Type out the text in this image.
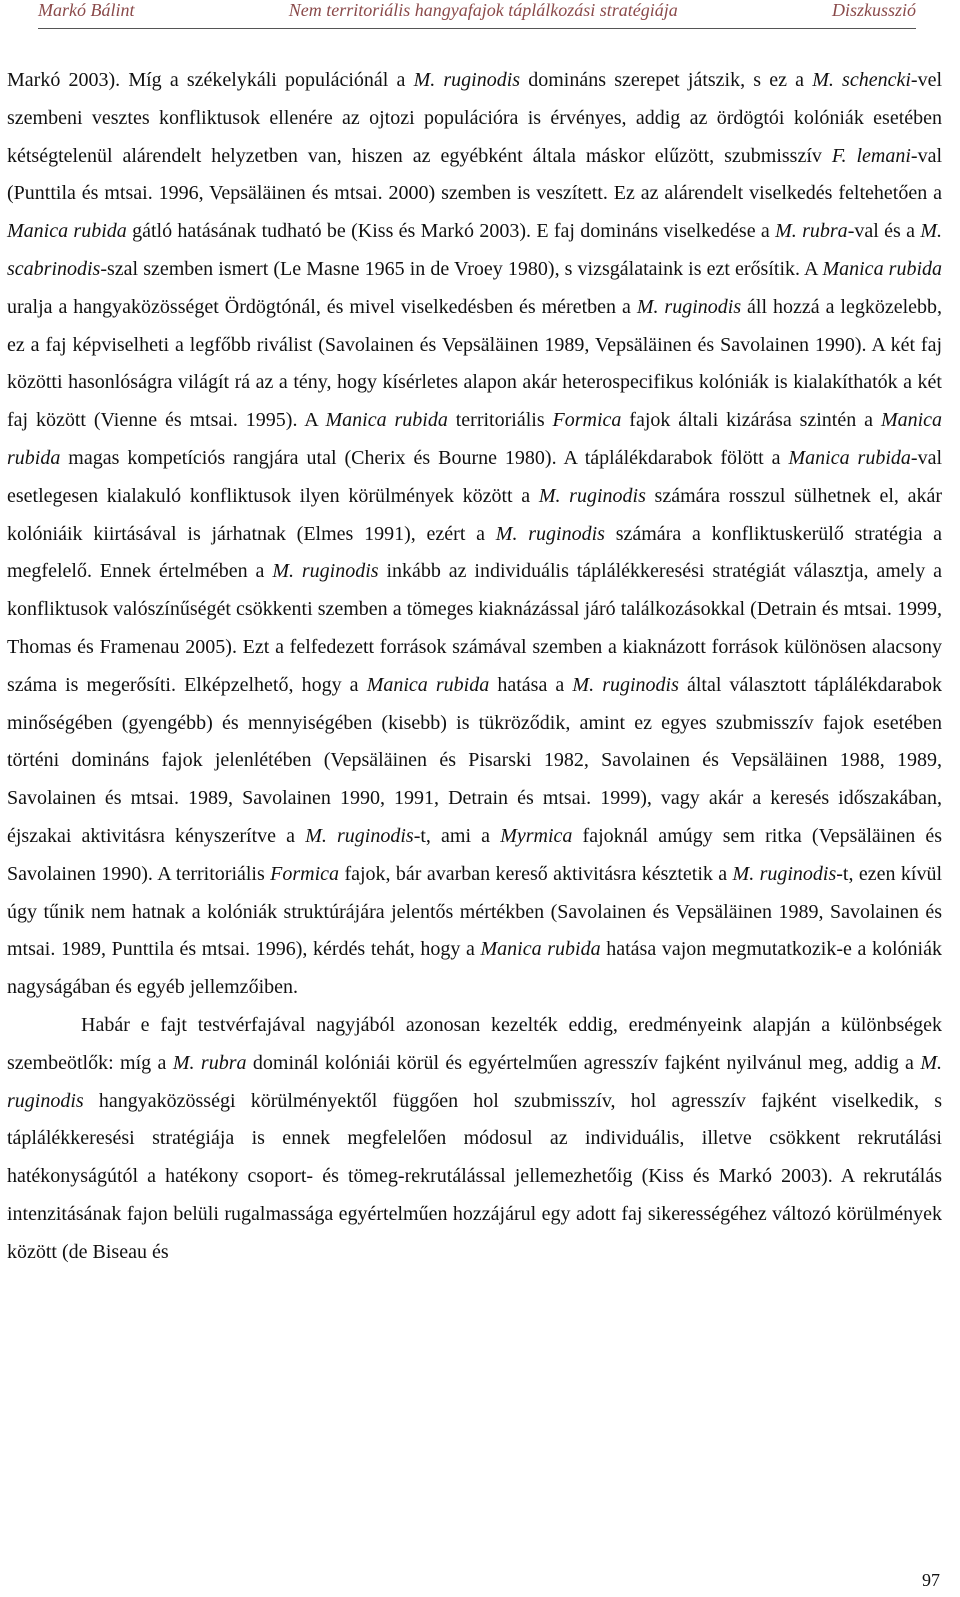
Markó Bálint	Nem territoriális hangyafajok táplálkozási stratégiája	Diszkusszió

Markó 2003). Míg a székelykáli populációnál a M. ruginodis domináns szerepet játszik, s ez a M. schencki-vel szembeni vesztes konfliktusok ellenére az ojtozi populációra is érvényes, addig az ördögtói kolóniák esetében kétségtelenül alárendelt helyzetben van, hiszen az egyébként általa máskor elűzött, szubmisszív F. lemani-val (Punttila és mtsai. 1996, Vepsäläinen és mtsai. 2000) szemben is veszített. Ez az alárendelt viselkedés feltehetően a Manica rubida gátló hatásának tudható be (Kiss és Markó 2003). E faj domináns viselkedése a M. rubra-val és a M. scabrinodis-szal szemben ismert (Le Masne 1965 in de Vroey 1980), s vizsgálataink is ezt erősítik. A Manica rubida uralja a hangyaközösséget Ördögtónál, és mivel viselkedésben és méretben a M. ruginodis áll hozzá a legközelebb, ez a faj képviselheti a legfőbb riválist (Savolainen és Vepsäläinen 1989, Vepsäläinen és Savolainen 1990). A két faj közötti hasonlóságra világít rá az a tény, hogy kísérletes alapon akár heterospecifikus kolóniák is kialakíthatók a két faj között (Vienne és mtsai. 1995). A Manica rubida territoriális Formica fajok általi kizárása szintén a Manica rubida magas kompetíciós rangjára utal (Cherix és Bourne 1980). A táplálékdarabok fölött a Manica rubida-val esetlegesen kialakuló konfliktusok ilyen körülmények között a M. ruginodis számára rosszul sülhetnek el, akár kolóniáik kiirtásával is járhatnak (Elmes 1991), ezért a M. ruginodis számára a konfliktuskerülő stratégia a megfelelő. Ennek értelmében a M. ruginodis inkább az individuális táplálékkeresési stratégiát választja, amely a konfliktusok valószínűségét csökkenti szemben a tömeges kiaknázással járó találkozásokkal (Detrain és mtsai. 1999, Thomas és Framenau 2005). Ezt a felfedezett források számával szemben a kiaknázott források különösen alacsony száma is megerősíti. Elképzelhető, hogy a Manica rubida hatása a M. ruginodis által választott táplálékdarabok minőségében (gyengébb) és mennyiségében (kisebb) is tükröződik, amint ez egyes szubmisszív fajok esetében történi domináns fajok jelenlétében (Vepsäläinen és Pisarski 1982, Savolainen és Vepsäläinen 1988, 1989, Savolainen és mtsai. 1989, Savolainen 1990, 1991, Detrain és mtsai. 1999), vagy akár a keresés időszakában, éjszakai aktivitásra kényszerítve a M. ruginodis-t, ami a Myrmica fajoknál amúgy sem ritka (Vepsäläinen és Savolainen 1990). A territoriális Formica fajok, bár avarban kereső aktivitásra késztetik a M. ruginodis-t, ezen kívül úgy tűnik nem hatnak a kolóniák struktúrájára jelentős mértékben (Savolainen és Vepsäläinen 1989, Savolainen és mtsai. 1989, Punttila és mtsai. 1996), kérdés tehát, hogy a Manica rubida hatása vajon megmutatkozik-e a kolóniák nagyságában és egyéb jellemzőiben.

Habár e fajt testvérfajával nagyjából azonosan kezelték eddig, eredményeink alapján a különbségek szembeötlők: míg a M. rubra dominál kolóniái körül és egyértelműen agresszív fajként nyilvánul meg, addig a M. ruginodis hangyaközösségi körülményektől függően hol szubmisszív, hol agresszív fajként viselkedik, s táplálékkeresési stratégiája is ennek megfelelően módosul az individuális, illetve csökkent rekrutálási hatékonyságútól a hatékony csoport- és tömeg-rekrutálással jellemezhetőig (Kiss és Markó 2003). A rekrutálás intenzitásának fajon belüli rugalmassága egyértelműen hozzájárul egy adott faj sikerességéhez változó körülmények között (de Biseau és

97
